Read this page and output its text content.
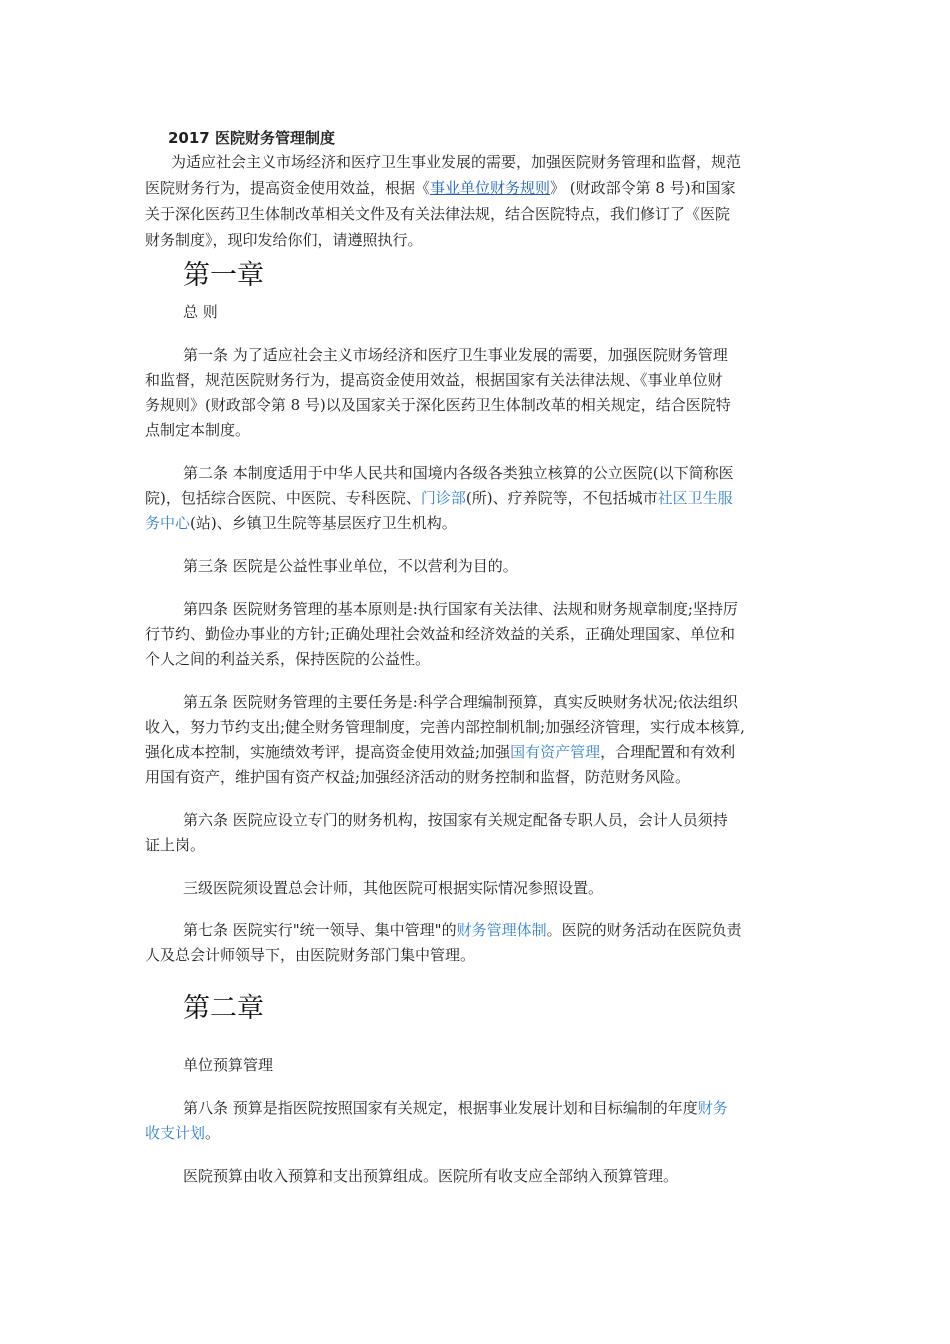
2017 医院财务管理制度
为适应社会主义市场经济和医疗卫生事业发展的需要，加强医院财务管理和监督，规范
医院财务行为，提高资金使用效益，根据《事业单位财务规则》 (财政部令第 8 号)和国家
关于深化医药卫生体制改革相关文件及有关法律法规，结合医院特点，我们修订了《医院
财务制度》，现印发给你们，请遵照执行。
第一章
总 则
第一条 为了适应社会主义市场经济和医疗卫生事业发展的需要，加强医院财务管理
和监督，规范医院财务行为，提高资金使用效益，根据国家有关法律法规、《事业单位财
务规则》(财政部令第 8 号)以及国家关于深化医药卫生体制改革的相关规定，结合医院特
点制定本制度。
第二条 本制度适用于中华人民共和国境内各级各类独立核算的公立医院(以下简称医
院)，包括综合医院、中医院、专科医院、门诊部(所)、疗养院等，不包括城市社区卫生服
务中心(站)、乡镇卫生院等基层医疗卫生机构。
第三条 医院是公益性事业单位，不以营利为目的。
第四条 医院财务管理的基本原则是:执行国家有关法律、法规和财务规章制度;坚持厉
行节约、勤俭办事业的方针;正确处理社会效益和经济效益的关系，正确处理国家、单位和
个人之间的利益关系，保持医院的公益性。
第五条 医院财务管理的主要任务是:科学合理编制预算，真实反映财务状况;依法组织
收入，努力节约支出;健全财务管理制度，完善内部控制机制;加强经济管理，实行成本核算,
强化成本控制，实施绩效考评，提高资金使用效益;加强国有资产管理，合理配置和有效利
用国有资产，维护国有资产权益;加强经济活动的财务控制和监督，防范财务风险。
第六条 医院应设立专门的财务机构，按国家有关规定配备专职人员，会计人员须持
证上岗。
三级医院须设置总会计师，其他医院可根据实际情况参照设置。
第七条 医院实行"统一领导、集中管理"的财务管理体制。医院的财务活动在医院负责
人及总会计师领导下，由医院财务部门集中管理。
第二章
单位预算管理
第八条 预算是指医院按照国家有关规定，根据事业发展计划和目标编制的年度财务
收支计划。
医院预算由收入预算和支出预算组成。医院所有收支应全部纳入预算管理。
